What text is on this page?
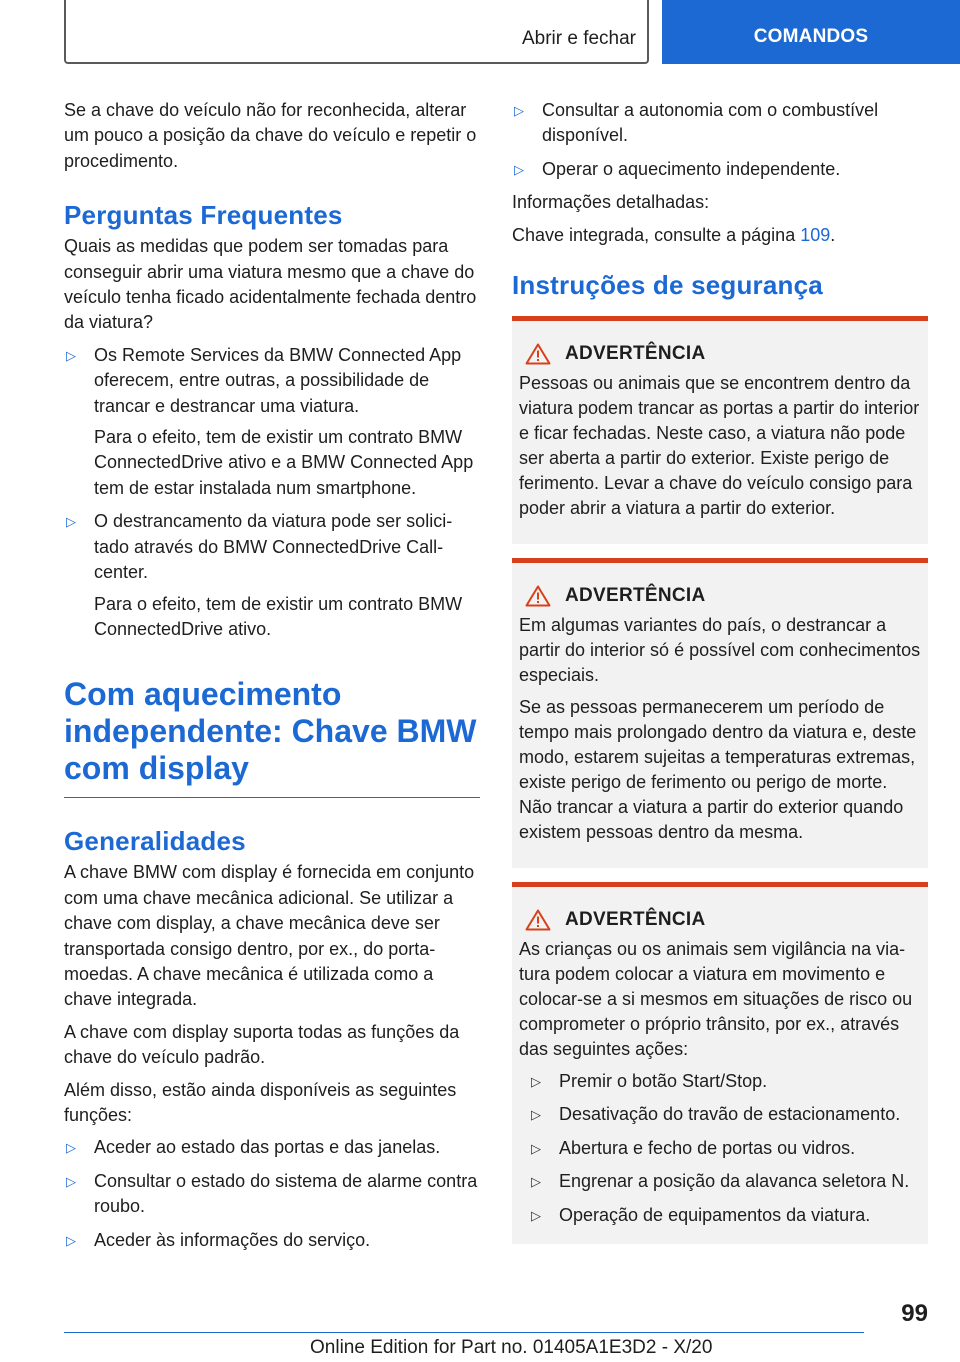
Abrir e fechar	COMANDOS

Se a chave do veículo não for reconhecida, alterar um pouco a posição da chave do veículo e repetir o procedimento.

Perguntas Frequentes

Quais as medidas que podem ser tomadas para conseguir abrir uma viatura mesmo que a chave do veículo tenha ficado acidentalmente fechada dentro da viatura?

▷ Os Remote Services da BMW Connected App oferecem, entre outras, a possibilidade de trancar e destrancar uma viatura.

Para o efeito, tem de existir um contrato BMW ConnectedDrive ativo e a BMW Connected App tem de estar instalada num smartphone.

▷ O destrancamento da viatura pode ser solicitado através do BMW ConnectedDrive Callcenter.

Para o efeito, tem de existir um contrato BMW ConnectedDrive ativo.

Com aquecimento independente: Chave BMW com display
Generalidades

A chave BMW com display é fornecida em conjunto com uma chave mecânica adicional. Se utilizar a chave com display, a chave mecânica deve ser transportada consigo dentro, por ex., do porta-moedas. A chave mecânica é utilizada como a chave integrada.

A chave com display suporta todas as funções da chave do veículo padrão.

Além disso, estão ainda disponíveis as seguintes funções:

▷ Aceder ao estado das portas e das janelas.
▷ Consultar o estado do sistema de alarme contra roubo.
▷ Aceder às informações do serviço.
▷ Consultar a autonomia com o combustível disponível.
▷ Operar o aquecimento independente.

Informações detalhadas:

Chave integrada, consulte a página 109.

Instruções de segurança
ADVERTÊNCIA

Pessoas ou animais que se encontrem dentro da viatura podem trancar as portas a partir do interior e ficar fechadas. Neste caso, a viatura não pode ser aberta a partir do exterior. Existe perigo de ferimento. Levar a chave do veículo consigo para poder abrir a viatura a partir do exterior.

ADVERTÊNCIA

Em algumas variantes do país, o destrancar a partir do interior só é possível com conhecimentos especiais.

Se as pessoas permanecerem um período de tempo mais prolongado dentro da viatura e, deste modo, estarem sujeitas a temperaturas extremas, existe perigo de ferimento ou perigo de morte. Não trancar a viatura a partir do exterior quando existem pessoas dentro da mesma.

ADVERTÊNCIA

As crianças ou os animais sem vigilância na viatura podem colocar a viatura em movimento e colocar-se a si mesmos em situações de risco ou comprometer o próprio trânsito, por ex., através das seguintes ações:

▷ Premir o botão Start/Stop.
▷ Desativação do travão de estacionamento.
▷ Abertura e fecho de portas ou vidros.
▷ Engrenar a posição da alavanca seletora N.
▷ Operação de equipamentos da viatura.
99
Online Edition for Part no. 01405A1E3D2 - X/20
